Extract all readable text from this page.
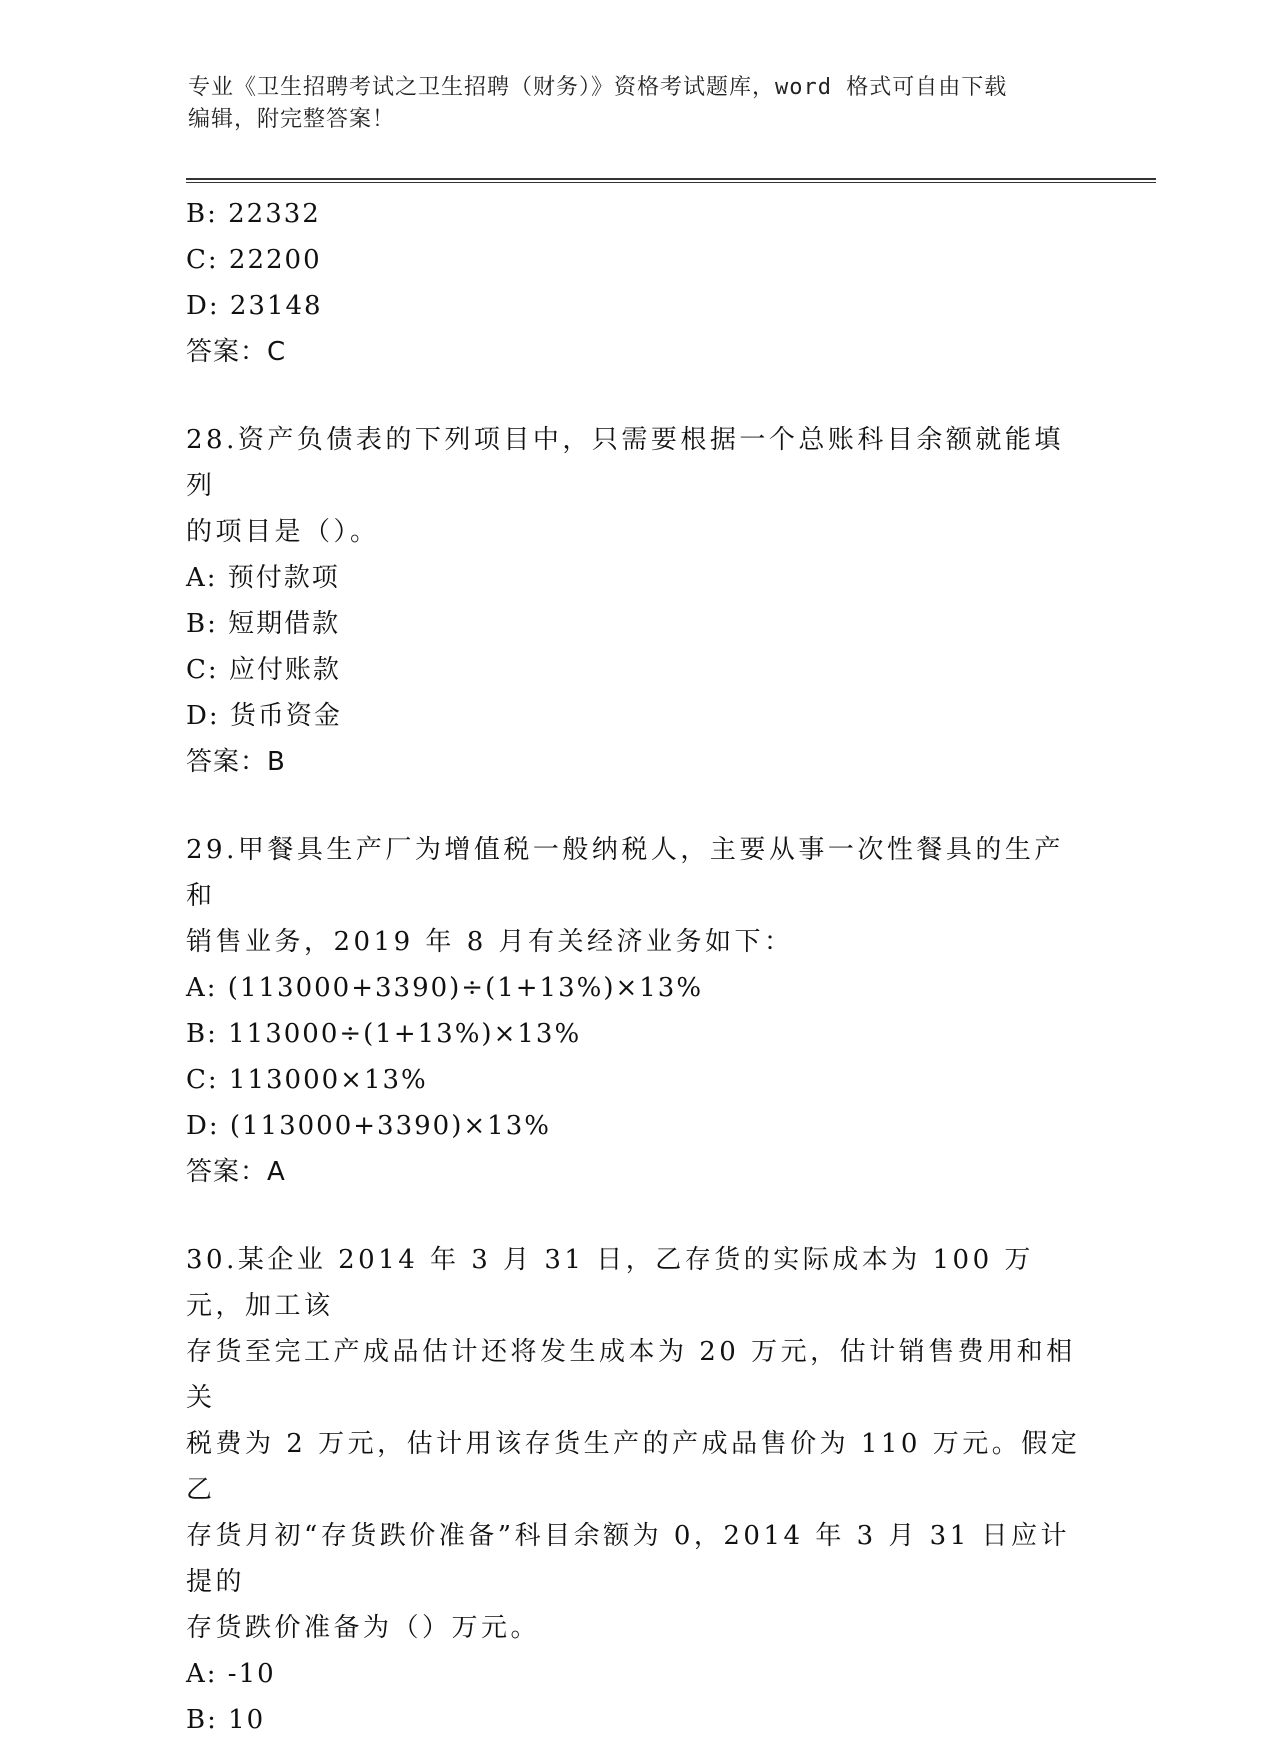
专业《卫生招聘考试之卫生招聘（财务）》资格考试题库，word 格式可自由下载
编辑，附完整答案！
B: 22332
C: 22200
D: 23148
答案：C
28.资产负债表的下列项目中，只需要根据一个总账科目余额就能填列
的项目是（）。
A: 预付款项
B: 短期借款
C: 应付账款
D: 货币资金
答案：B
29.甲餐具生产厂为增值税一般纳税人，主要从事一次性餐具的生产和
销售业务，2019 年 8 月有关经济业务如下：
A: (113000+3390)÷(1+13%)×13%
B: 113000÷(1+13%)×13%
C: 113000×13%
D: (113000+3390)×13%
答案：A
30.某企业 2014 年 3 月 31 日，乙存货的实际成本为 100 万元，加工该
存货至完工产成品估计还将发生成本为 20 万元，估计销售费用和相关
税费为 2 万元，估计用该存货生产的产成品售价为 110 万元。假定乙
存货月初“存货跌价准备”科目余额为 0，2014 年 3 月 31 日应计提的
存货跌价准备为（）万元。
A: -10
B: 10
